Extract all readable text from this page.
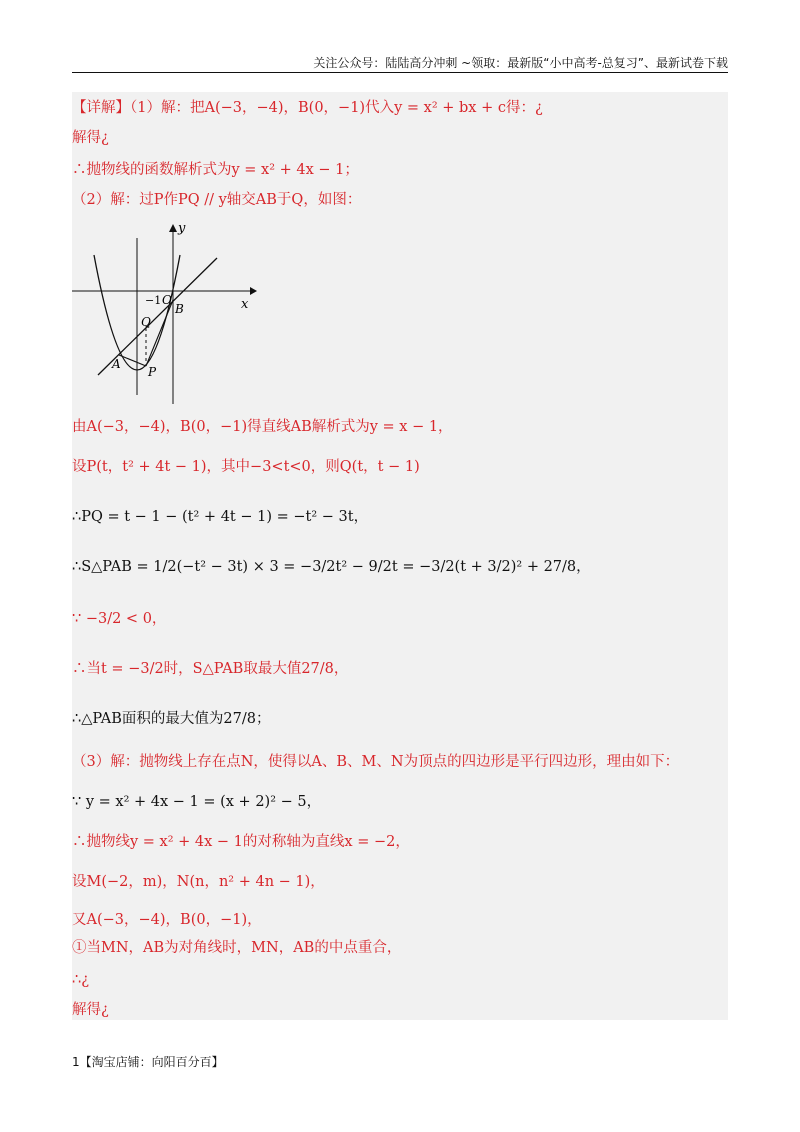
关注公众号：陆陆高分冲刺 ~领取：最新版“小中高考-总复习”、最新试卷下载
【详解】（1）解：把A(−3，−4)，B(0，−1)代入y = x² + bx + c得：¿
解得¿
∴抛物线的函数解析式为y = x² + 4x − 1；
（2）解：过P作PQ // y轴交AB于Q，如图：
y
x
O
−1
B
Q
A
P
由A(−3，−4)，B(0，−1)得直线AB解析式为y = x − 1，
设P(t，t² + 4t − 1)，其中−3<t<0，则Q(t，t − 1)
∴PQ = t − 1 − (t² + 4t − 1) = −t² − 3t，
∴S△PAB = 1/2(−t² − 3t) × 3 = −3/2t² − 9/2t = −3/2(t + 3/2)² + 27/8，
∵ −3/2 < 0，
∴当t = −3/2时，S△PAB取最大值27/8，
∴△PAB面积的最大值为27/8；
（3）解：抛物线上存在点N，使得以A、B、M、N为顶点的四边形是平行四边形，理由如下：
∵ y = x² + 4x − 1 = (x + 2)² − 5，
∴抛物线y = x² + 4x − 1的对称轴为直线x = −2，
设M(−2，m)，N(n，n² + 4n − 1)，
又A(−3，−4)，B(0，−1)，
①当MN，AB为对角线时，MN，AB的中点重合，
∴¿
解得¿
1【淘宝店铺：向阳百分百】
